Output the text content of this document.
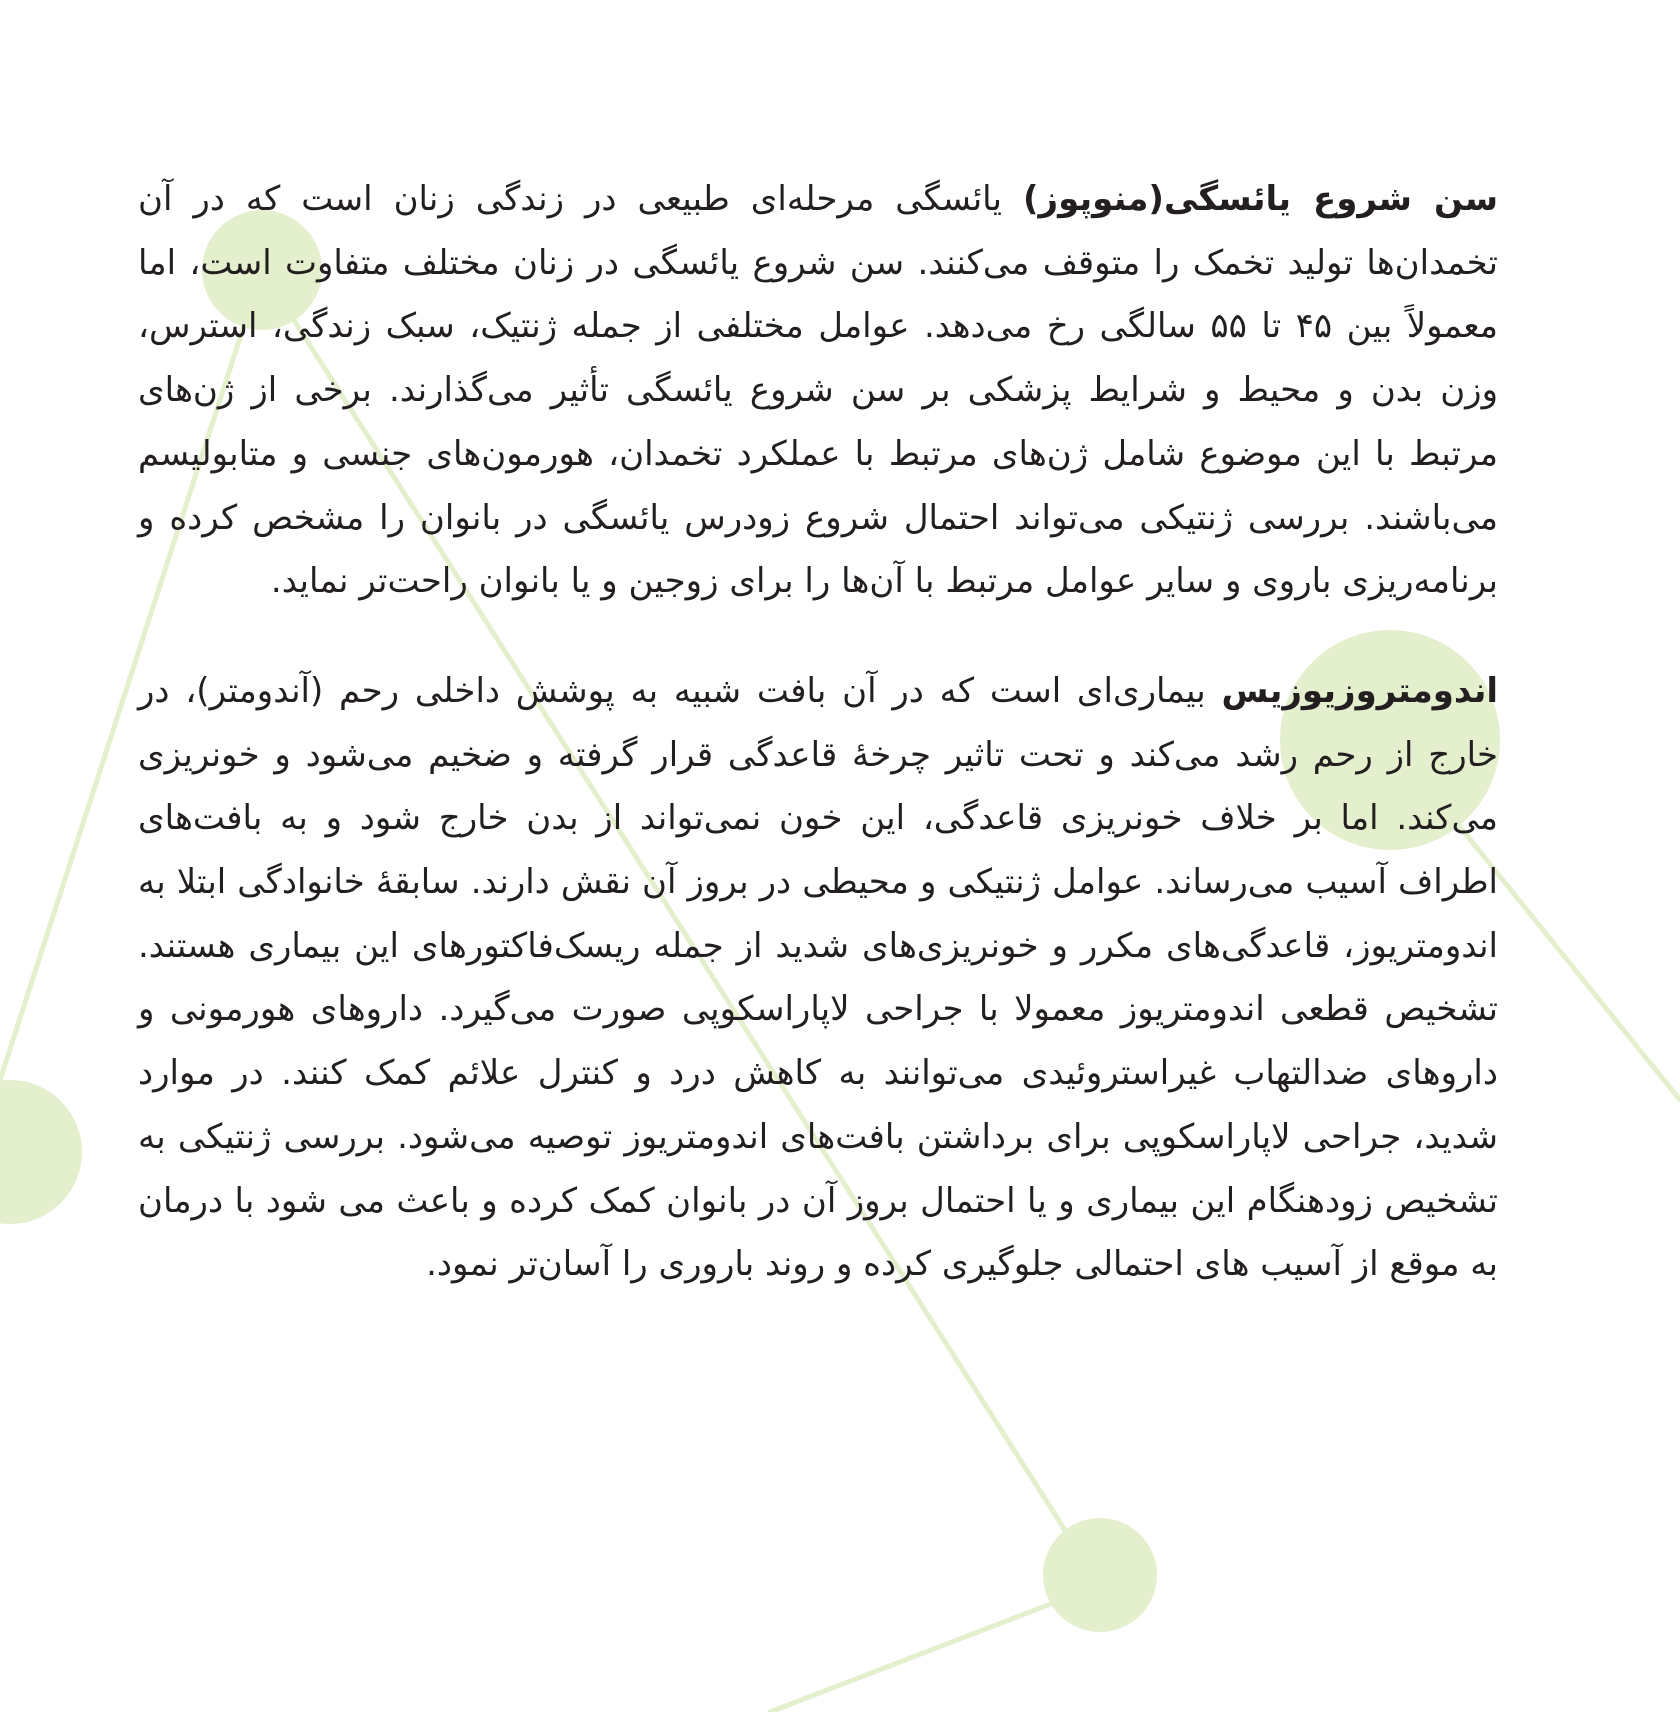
سن شروع یائسگی(منوپوز) یائسگی مرحله‌ای طبیعی در زندگی زنان است که در آن تخمدان‌ها تولید تخمک را متوقف می‌کنند. سن شروع یائسگی در زنان مختلف متفاوت است، اما معمولاً بین ۴۵ تا ۵۵ سالگی رخ می‌دهد. عوامل مختلفی از جمله ژنتیک، سبک زندگی، استرس، وزن بدن و محیط و شرایط پزشکی بر سن شروع یائسگی تأثیر می‌گذارند. برخی از ژن‌های مرتبط با این موضوع شامل ژن‌های مرتبط با عملکرد تخمدان، هورمون‌های جنسی و متابولیسم می‌باشند. بررسی ژنتیکی می‌تواند احتمال شروع زودرس یائسگی در بانوان را مشخص کرده و برنامه‌ریزی باروی و سایر عوامل مرتبط با آن‌ها را برای زوجین و یا بانوان راحت‌تر نماید.

اندومتروزیوزیس بیماری‌ای است که در آن بافت شبیه به پوشش داخلی رحم (آندومتر)، در خارج از رحم رشد می‌کند و تحت تاثیر چرخهٔ قاعدگی قرار گرفته و ضخیم می‌شود و خونریزی می‌کند. اما بر خلاف خونریزی قاعدگی، این خون نمی‌تواند از بدن خارج شود و به بافت‌های اطراف آسیب می‌رساند. عوامل ژنتیکی و محیطی در بروز آن نقش دارند. سابقهٔ خانوادگی ابتلا به اندومتریوز، قاعدگی‌های مکرر و خونریزی‌های شدید از جمله ریسک‌فاکتورهای این بیماری هستند. تشخیص قطعی اندومتریوز معمولا با جراحی لاپاراسکوپی صورت می‌گیرد. داروهای هورمونی و داروهای ضدالتهاب غیراستروئیدی می‌توانند به کاهش درد و کنترل علائم کمک کنند. در موارد شدید، جراحی لاپاراسکوپی برای برداشتن بافت‌های اندومتریوز توصیه می‌شود. بررسی ژنتیکی به تشخیص زودهنگام این بیماری و یا احتمال بروز آن در بانوان کمک کرده و باعث می شود با درمان به موقع از آسیب های احتمالی جلوگیری کرده و روند باروری را آسان‌تر نمود.
